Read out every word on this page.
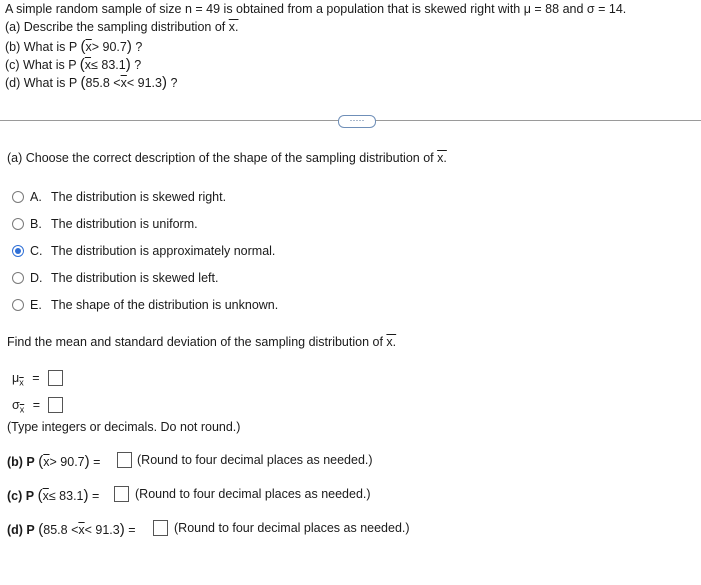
A simple random sample of size n = 49 is obtained from a population that is skewed right with μ = 88 and σ = 14.
(a) Describe the sampling distribution of x.
(b) What is P $(\overline{x}> 90.7)$ ?
(c) What is P $(\overline{x}\le 83.1)$ ?
(d) What is P $(85.8 <\overline{x}< 91.3)$ ?
·····
(a) Choose the correct description of the shape of the sampling distribution of x.
A. The distribution is skewed right.
B. The distribution is uniform.
C. The distribution is approximately normal.
D. The distribution is skewed left.
E. The shape of the distribution is unknown.
Find the mean and standard deviation of the sampling distribution of x.
$\mu_{\overline{x}}$ =
$\sigma_{\overline{x}}$ =
(Type integers or decimals. Do not round.)
(b) P $(\overline{x}> 90.7)$ =	(Round to four decimal places as needed.)
(c) P $(\overline{x}\le 83.1)$ =	(Round to four decimal places as needed.)
(d) P $(85.8 <\overline{x}< 91.3)$ =	(Round to four decimal places as needed.)
